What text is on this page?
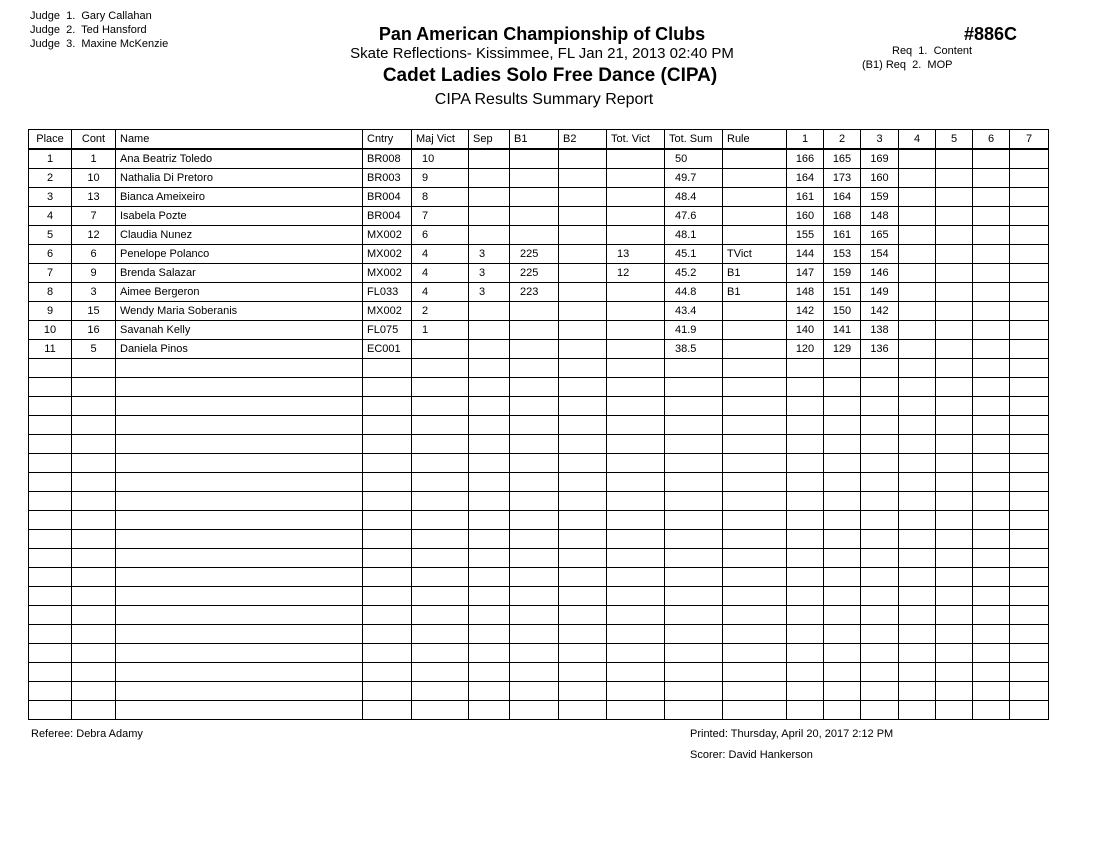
Judge  1.  Gary Callahan
Judge  2.  Ted Hansford
Judge  3.  Maxine McKenzie	Pan American Championship of Clubs
Skate Reflections- Kissimmee, FL Jan 21, 2013 02:40 PM
Cadet Ladies Solo Free Dance (CIPA)
CIPA Results Summary Report
#886C
Req  1.  Content
(B1) Req  2.  MOP
Place	Cont	Name	Cntry	Maj Vict	Sep	B1	B2	Tot. Vict	Tot. Sum	Rule	1	2	3	4	5	6	7
1	1	Ana Beatriz Toledo	BR008	10					50		166	165	169				
2	10	Nathalia Di Pretoro	BR003	9					49.7		164	173	160				
3	13	Bianca Ameixeiro	BR004	8					48.4		161	164	159				
4	7	Isabela Pozte	BR004	7					47.6		160	168	148				
5	12	Claudia Nunez	MX002	6					48.1		155	161	165				
6	6	Penelope Polanco	MX002	4	3	225		13	45.1	TVict	144	153	154				
7	9	Brenda Salazar	MX002	4	3	225		12	45.2	B1	147	159	146				
8	3	Aimee Bergeron	FL033	4	3	223			44.8	B1	148	151	149				
9	15	Wendy Maria Soberanis	MX002	2					43.4		142	150	142				
10	16	Savanah Kelly	FL075	1					41.9		140	141	138				
11	5	Daniela Pinos	EC001						38.5		120	129	136				

Referee: Debra Adamy	Printed: Thursday, April 20, 2017 2:12 PM
Scorer: David Hankerson
